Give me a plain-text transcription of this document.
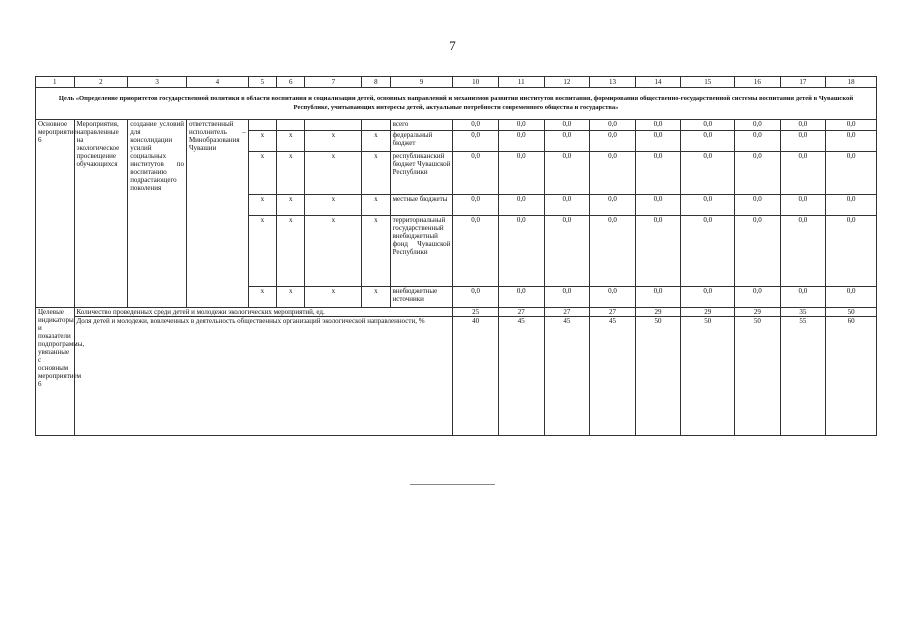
7
1	2	3	4	5	6	7	8	9	10	11	12	13	14	15	16	17	18
Цель «Определение приоритетов государственной политики в области воспитания и социализации детей, основных направлений и механизмов развития институтов воспитания, формирования общественно-государственной системы воспитания детей в Чувашской Республике, учитывающих интересы детей, актуальные потребности современного общества и государства»																	
Основное мероприятие 6	Мероприятия, направленные на экологическое просвещение обучающихся	создание условий для консолидации усилий социальных институтов по воспитанию подрастающего поколения	ответственный исполнитель – Минобразования Чувашии					всего	0,0	0,0	0,0	0,0	0,0	0,0	0,0	0,0	0,0
				х	х	х	х	федеральный бюджет	0,0	0,0	0,0	0,0	0,0	0,0	0,0	0,0	0,0
				х	х	х	х	республиканский бюджет Чувашской Республики	0,0	0,0	0,0	0,0	0,0	0,0	0,0	0,0	0,0
				х	х	х	х	местные бюджеты	0,0	0,0	0,0	0,0	0,0	0,0	0,0	0,0	0,0
				х	х	х	х	территориальный государственный внебюджетный фонд Чувашской Республики	0,0	0,0	0,0	0,0	0,0	0,0	0,0	0,0	0,0
				х	х	х	х	внебюджетные источники	0,0	0,0	0,0	0,0	0,0	0,0	0,0	0,0	0,0
Целевые индикаторы и показатели подпрограммы, увязанные с основным мероприятием 6	Количество проведенных среди детей и молодежи экологических мероприятий, ед.								25	27	27	27	29	29	29	35	50
	Доля детей и молодежи, вовлеченных в деятельность общественных организаций экологической направленности, %								40	45	45	45	50	50	50	55	60
